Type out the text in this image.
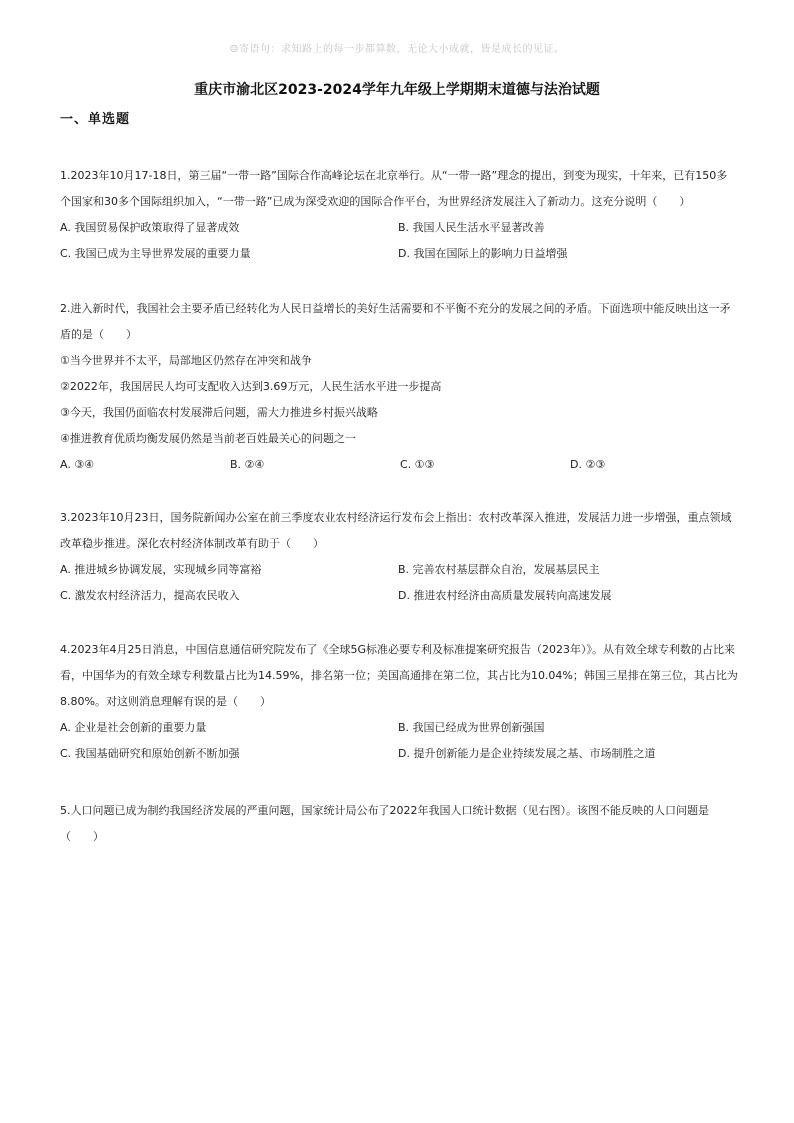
☺寄语句：求知路上的每一步都算数，无论大小成就，皆是成长的见证。
重庆市渝北区2023-2024学年九年级上学期期末道德与法治试题
一、单选题

1.2023年10月17-18日，第三届“一带一路”国际合作高峰论坛在北京举行。从“一带一路”理念的提出，到变为现实，十年来，已有150多个国家和30多个国际组织加入，“一带一路”已成为深受欢迎的国际合作平台，为世界经济发展注入了新动力。这充分说明（　　）

A. 我国贸易保护政策取得了显著成效	B. 我国人民生活水平显著改善
C. 我国已成为主导世界发展的重要力量	D. 我国在国际上的影响力日益增强

2.进入新时代，我国社会主要矛盾已经转化为人民日益增长的美好生活需要和不平衡不充分的发展之间的矛盾。下面选项中能反映出这一矛盾的是（　　）

①当今世界并不太平，局部地区仍然存在冲突和战争

②2022年，我国居民人均可支配收入达到3.69万元，人民生活水平进一步提高

③今天，我国仍面临农村发展滞后问题，需大力推进乡村振兴战略

④推进教育优质均衡发展仍然是当前老百姓最关心的问题之一

A. ③④	B. ②④	C. ①③	D. ②③

3.2023年10月23日，国务院新闻办公室在前三季度农业农村经济运行发布会上指出：农村改革深入推进，发展活力进一步增强，重点领域改革稳步推进。深化农村经济体制改革有助于（　　）

A. 推进城乡协调发展，实现城乡同等富裕	B. 完善农村基层群众自治，发展基层民主
C. 激发农村经济活力，提高农民收入	D. 推进农村经济由高质量发展转向高速发展

4.2023年4月25日消息，中国信息通信研究院发布了《全球5G标准必要专利及标准提案研究报告（2023年）》。从有效全球专利数的占比来看，中国华为的有效全球专利数量占比为14.59%，排名第一位；美国高通排在第二位，其占比为10.04%；韩国三星排在第三位，其占比为8.80%。对这则消息理解有误的是（　　）

A. 企业是社会创新的重要力量	B. 我国已经成为世界创新强国
C. 我国基础研究和原始创新不断加强	D. 提升创新能力是企业持续发展之基、市场制胜之道

5.人口问题已成为制约我国经济发展的严重问题，国家统计局公布了2022年我国人口统计数据（见右图）。该图不能反映的人口问题是（　　）
